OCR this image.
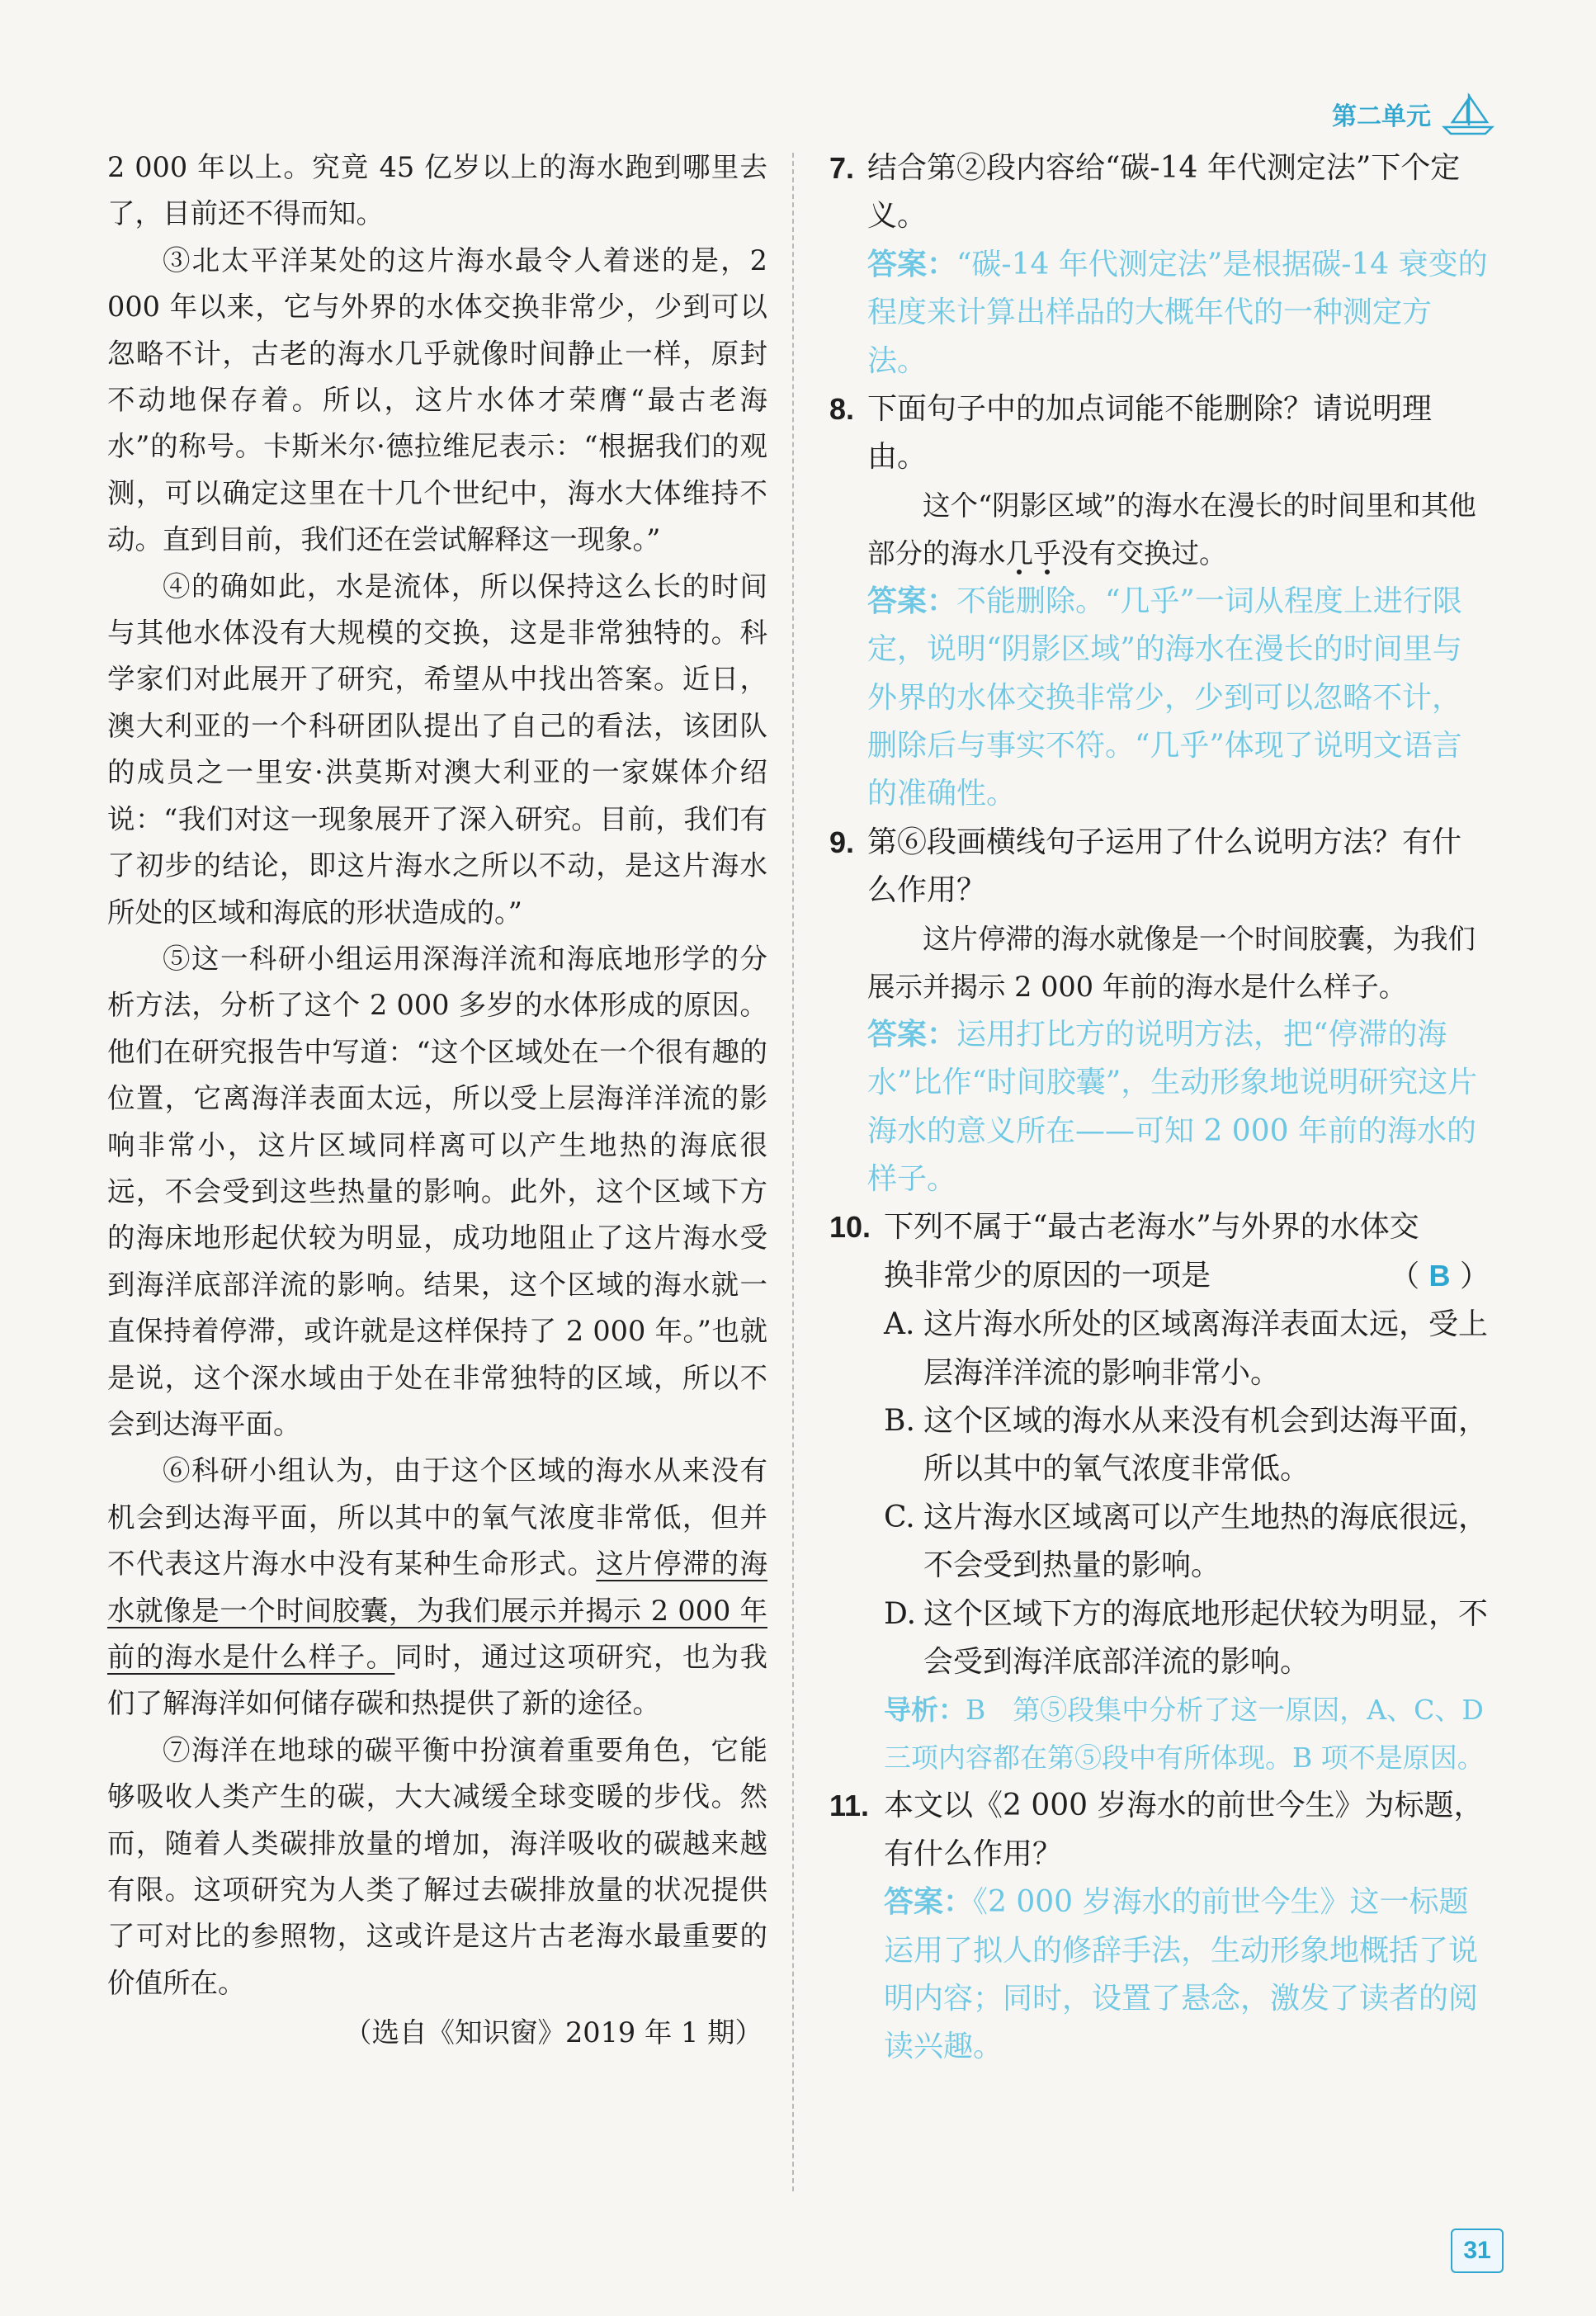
第二单元

2 000 年以上。究竟 45 亿岁以上的海水跑到哪里去了，目前还不得而知。

③北太平洋某处的这片海水最令人着迷的是，2 000 年以来，它与外界的水体交换非常少，少到可以忽略不计，古老的海水几乎就像时间静止一样，原封不动地保存着。所以，这片水体才荣膺“最古老海水”的称号。卡斯米尔·德拉维尼表示：“根据我们的观测，可以确定这里在十几个世纪中，海水大体维持不动。直到目前，我们还在尝试解释这一现象。”

④的确如此，水是流体，所以保持这么长的时间与其他水体没有大规模的交换，这是非常独特的。科学家们对此展开了研究，希望从中找出答案。近日，澳大利亚的一个科研团队提出了自己的看法，该团队的成员之一里安·洪莫斯对澳大利亚的一家媒体介绍说：“我们对这一现象展开了深入研究。目前，我们有了初步的结论，即这片海水之所以不动，是这片海水所处的区域和海底的形状造成的。”

⑤这一科研小组运用深海洋流和海底地形学的分析方法，分析了这个 2 000 多岁的水体形成的原因。他们在研究报告中写道：“这个区域处在一个很有趣的位置，它离海洋表面太远，所以受上层海洋洋流的影响非常小，这片区域同样离可以产生地热的海底很远，不会受到这些热量的影响。此外，这个区域下方的海床地形起伏较为明显，成功地阻止了这片海水受到海洋底部洋流的影响。结果，这个区域的海水就一直保持着停滞，或许就是这样保持了 2 000 年。”也就是说，这个深水域由于处在非常独特的区域，所以不会到达海平面。

⑥科研小组认为，由于这个区域的海水从来没有机会到达海平面，所以其中的氧气浓度非常低，但并不代表这片海水中没有某种生命形式。这片停滞的海水就像是一个时间胶囊，为我们展示并揭示 2 000 年前的海水是什么样子。同时，通过这项研究，也为我们了解海洋如何储存碳和热提供了新的途径。

⑦海洋在地球的碳平衡中扮演着重要角色，它能够吸收人类产生的碳，大大减缓全球变暖的步伐。然而，随着人类碳排放量的增加，海洋吸收的碳越来越有限。这项研究为人类了解过去碳排放量的状况提供了可对比的参照物，这或许是这片古老海水最重要的价值所在。

（选自《知识窗》2019 年 1 期）

7. 结合第②段内容给“碳-14 年代测定法”下个定义。

答案：“碳-14 年代测定法”是根据碳-14 衰变的程度来计算出样品的大概年代的一种测定方法。

8. 下面句子中的加点词能不能删除？请说明理由。

这个“阴影区域”的海水在漫长的时间里和其他部分的海水几乎没有交换过。

答案：不能删除。“几乎”一词从程度上进行限定，说明“阴影区域”的海水在漫长的时间里与外界的水体交换非常少，少到可以忽略不计，删除后与事实不符。“几乎”体现了说明文语言的准确性。

9. 第⑥段画横线句子运用了什么说明方法？有什么作用？

这片停滞的海水就像是一个时间胶囊，为我们展示并揭示 2 000 年前的海水是什么样子。

答案：运用打比方的说明方法，把“停滞的海水”比作“时间胶囊”，生动形象地说明研究这片海水的意义所在——可知 2 000 年前的海水的样子。

10. 下列不属于“最古老海水”与外界的水体交

换非常少的原因的一项是	（ B ）
A. 这片海水所处的区域离海洋表面太远，受上层海洋洋流的影响非常小。
B. 这个区域的海水从来没有机会到达海平面，所以其中的氧气浓度非常低。
C. 这片海水区域离可以产生地热的海底很远，不会受到热量的影响。
D. 这个区域下方的海底地形起伏较为明显，不会受到海洋底部洋流的影响。

导析：B　第⑤段集中分析了这一原因，A、C、D 三项内容都在第⑤段中有所体现。B 项不是原因。

11. 本文以《2 000 岁海水的前世今生》为标题，有什么作用？

答案：《2 000 岁海水的前世今生》这一标题运用了拟人的修辞手法，生动形象地概括了说明内容；同时，设置了悬念，激发了读者的阅读兴趣。

31
